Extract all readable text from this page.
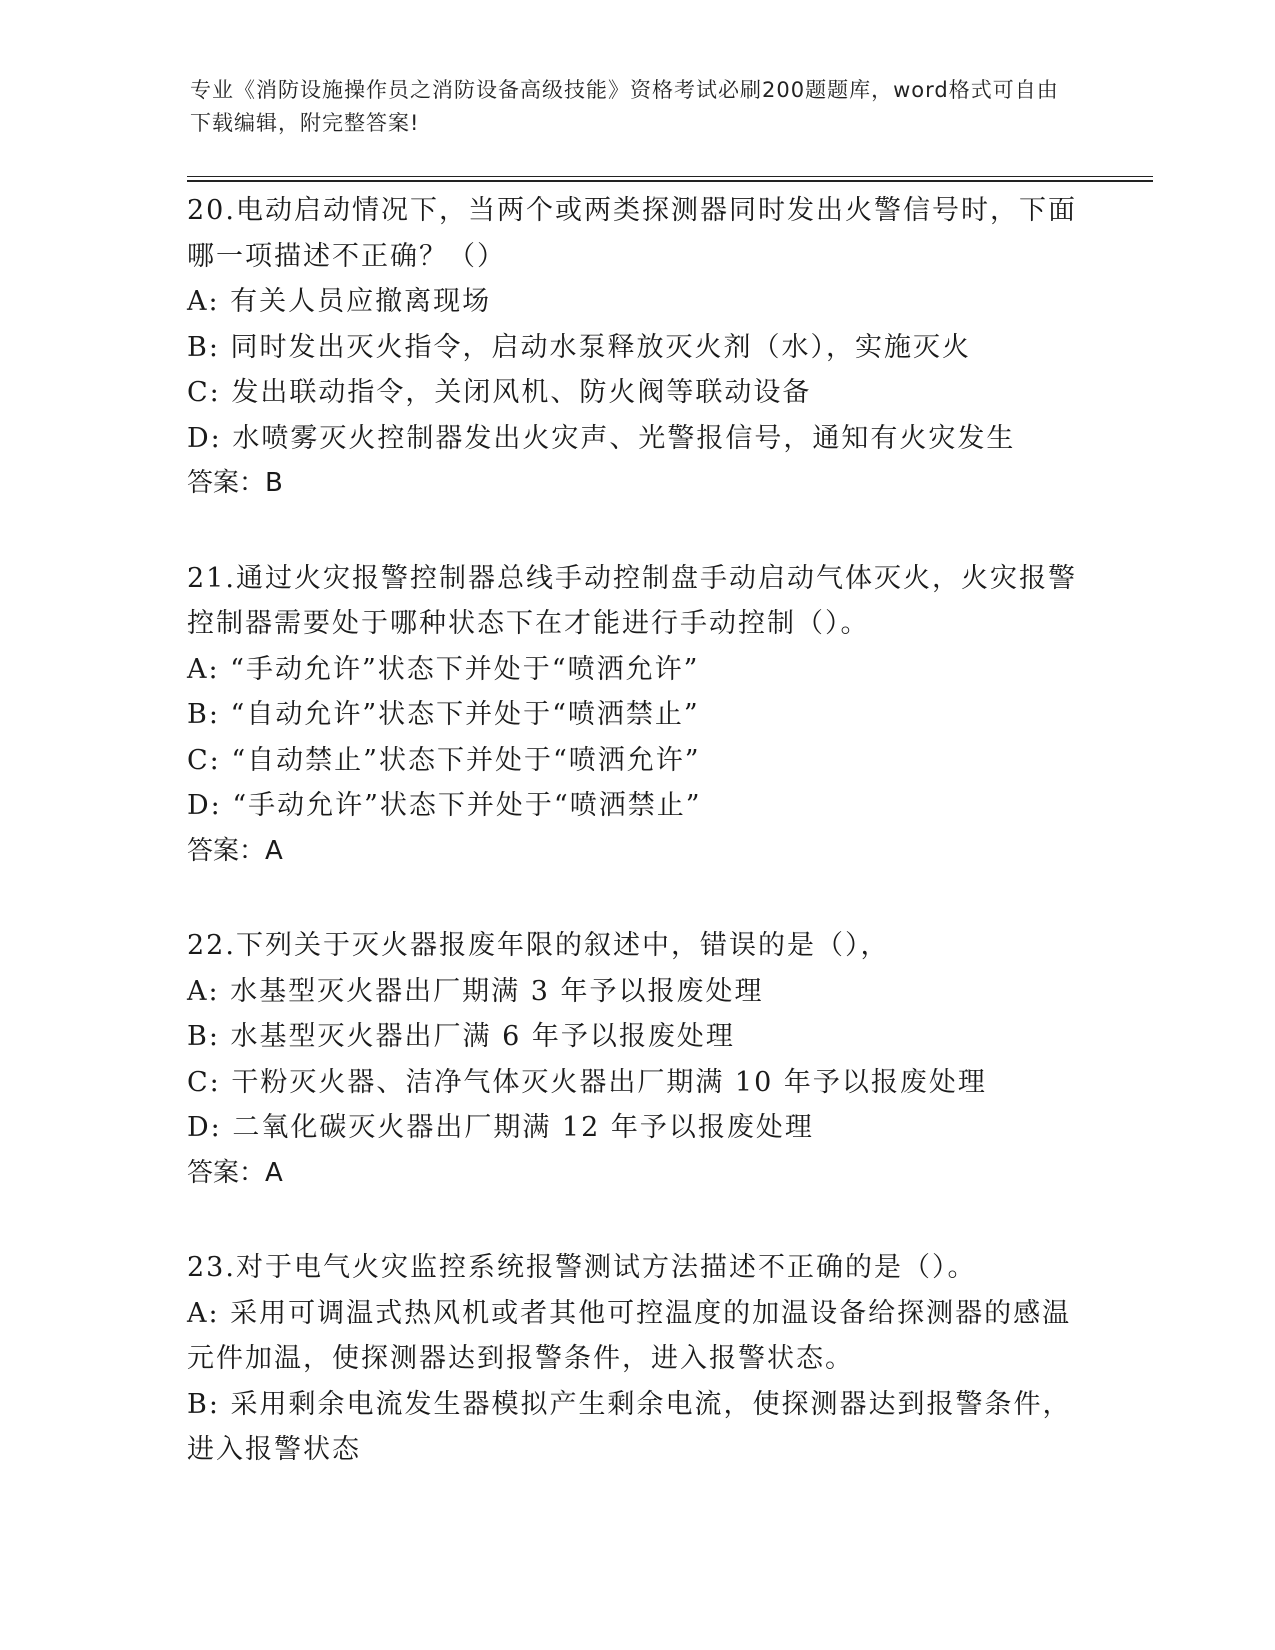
专业《消防设施操作员之消防设备高级技能》资格考试必刷200题题库，word格式可自由下载编辑，附完整答案!

20.电动启动情况下，当两个或两类探测器同时发出火警信号时，下面哪一项描述不正确？（）

A: 有关人员应撤离现场

B: 同时发出灭火指令，启动水泵释放灭火剂（水），实施灭火

C: 发出联动指令，关闭风机、防火阀等联动设备

D: 水喷雾灭火控制器发出火灾声、光警报信号，通知有火灾发生

答案：B

21.通过火灾报警控制器总线手动控制盘手动启动气体灭火，火灾报警控制器需要处于哪种状态下在才能进行手动控制（）。

A: “手动允许”状态下并处于“喷洒允许”

B: “自动允许”状态下并处于“喷洒禁止”

C: “自动禁止”状态下并处于“喷洒允许”

D: “手动允许”状态下并处于“喷洒禁止”

答案：A

22.下列关于灭火器报废年限的叙述中，错误的是（），

A: 水基型灭火器出厂期满 3 年予以报废处理

B: 水基型灭火器出厂满 6 年予以报废处理

C: 干粉灭火器、洁净气体灭火器出厂期满 10 年予以报废处理

D: 二氧化碳灭火器出厂期满 12 年予以报废处理

答案：A

23.对于电气火灾监控系统报警测试方法描述不正确的是（）。

A: 采用可调温式热风机或者其他可控温度的加温设备给探测器的感温元件加温，使探测器达到报警条件，进入报警状态。

B: 采用剩余电流发生器模拟产生剩余电流，使探测器达到报警条件，进入报警状态
